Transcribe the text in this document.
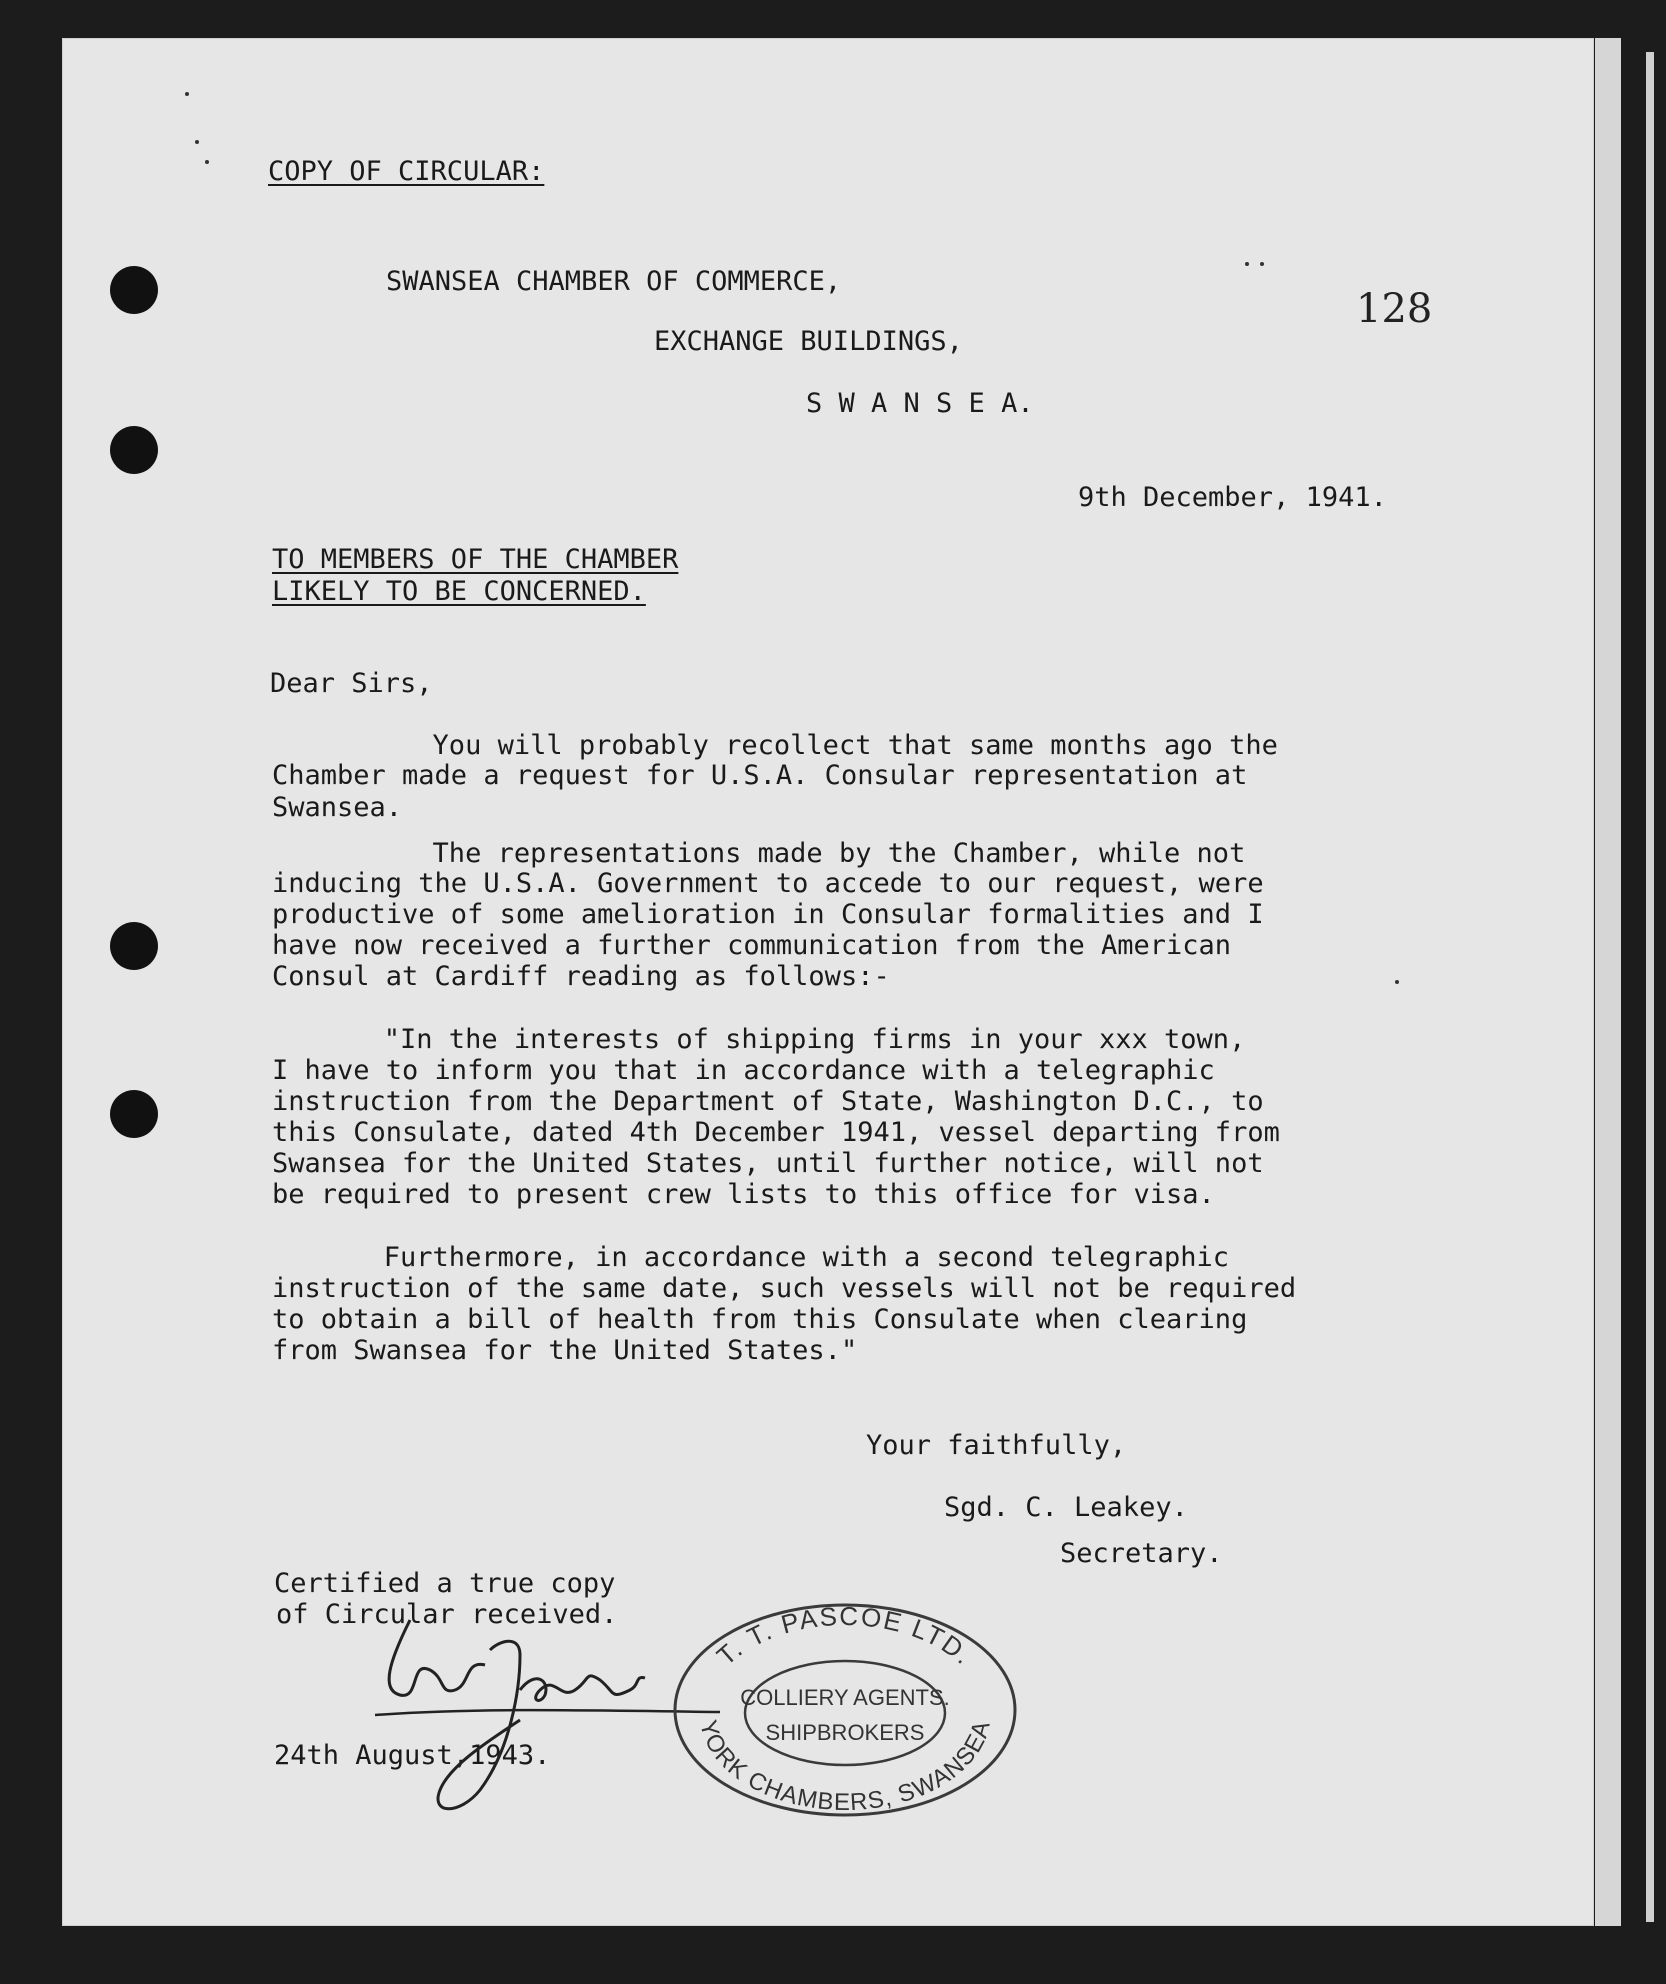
COPY OF CIRCULAR:
SWANSEA CHAMBER OF COMMERCE,
EXCHANGE BUILDINGS,
S W A N S E A.
128
9th December, 1941.
TO MEMBERS OF THE CHAMBER
LIKELY TO BE CONCERNED.
Dear Sirs,
You will probably recollect that same months ago the
Chamber made a request for U.S.A. Consular representation at
Swansea.
The representations made by the Chamber, while not
inducing the U.S.A. Government to accede to our request, were
productive of some amelioration in Consular formalities and I
have now received a further communication from the American
Consul at Cardiff reading as follows:-
"In the interests of shipping firms in your xxx town,
I have to inform you that in accordance with a telegraphic
instruction from the Department of State, Washington D.C., to
this Consulate, dated 4th December 1941, vessel departing from
Swansea for the United States, until further notice, will not
be required to present crew lists to this office for visa.
Furthermore, in accordance with a second telegraphic
instruction of the same date, such vessels will not be required
to obtain a bill of health from this Consulate when clearing
from Swansea for the United States."
Your faithfully,
Sgd. C. Leakey.
Secretary.
Certified a true copy
of Circular received.
24th August,1943.
T. T. PASCOE LTD.
YORK CHAMBERS, SWANSEA
COLLIERY AGENTS.
SHIPBROKERS
